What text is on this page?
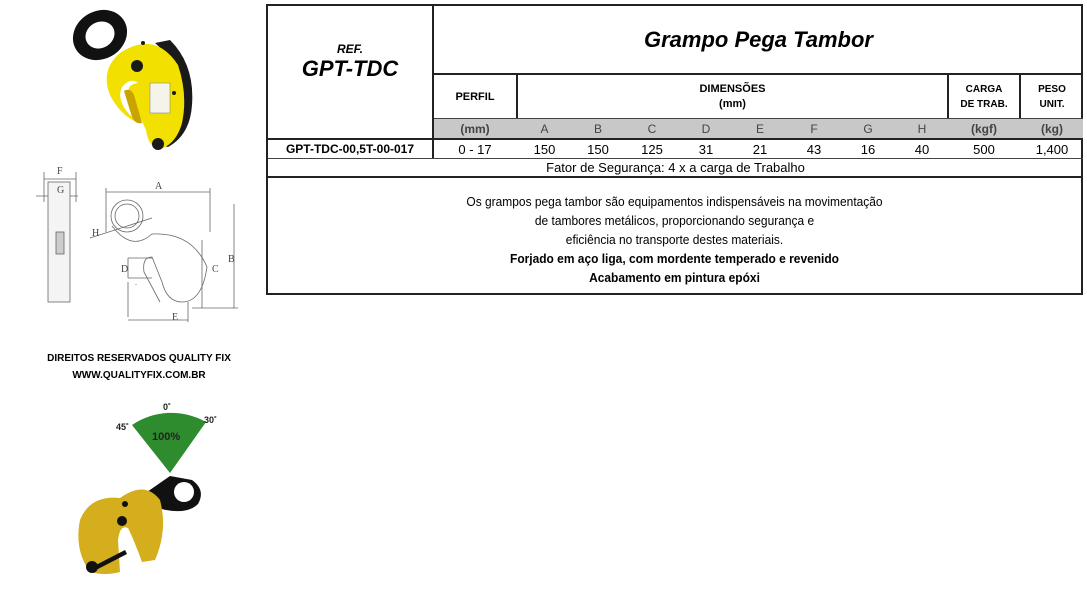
F
G	A
H
D	C
B
E
DIREITOS RESERVADOS QUALITY FIX
WWW.QUALITYFIX.COM.BR
45˚
0˚
30˚
100%
REF.
GPT-TDC
Grampo Pega Tambor
PERFIL
DIMENSÕES
(mm)
CARGA
DE TRAB.
PESO
UNIT.
(mm)	A	B	C	D	E	F	G	H	(kgf)	(kg)
GPT-TDC-00,5T-00-017	0 - 17	150	150	125	31	21	43	16	40	500	1,400
Fator de Segurança: 4 x a carga de Trabalho
Os grampos pega tambor são equipamentos indispensáveis na movimentação
de tambores metálicos, proporcionando segurança e
eficiência no transporte destes materiais.
Forjado em aço liga, com mordente temperado e revenido
Acabamento em pintura epóxi
